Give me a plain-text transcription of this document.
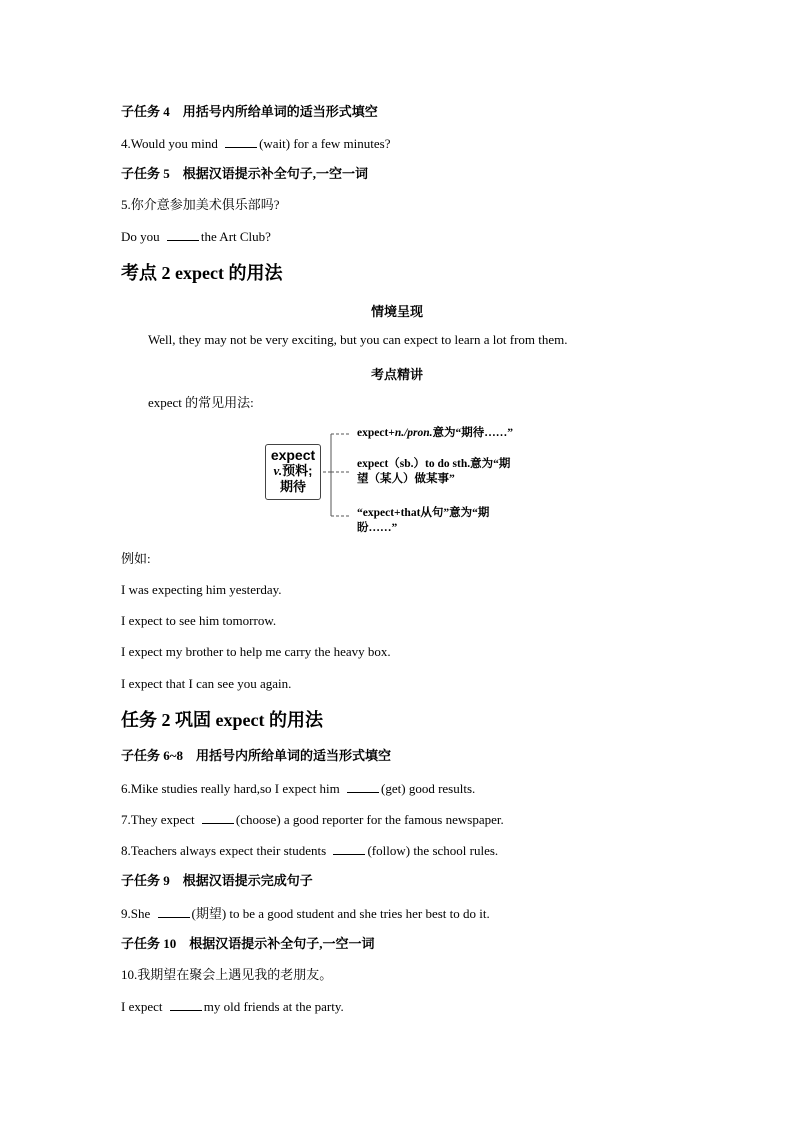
子任务 4　用括号内所给单词的适当形式填空
4.Would you mind	(wait) for a few minutes?
子任务 5　根据汉语提示补全句子,一空一词
5.你介意参加美术俱乐部吗?
Do you	the Art Club?
考点 2 expect 的用法
情境呈现
Well, they may not be very exciting, but you can expect to learn a lot from them.
考点精讲
expect 的常见用法:
expect
v.预料;
期待
expect+n./pron.意为“期待……”
expect（sb.）to do sth.意为“期
望（某人）做某事”
“expect+that从句”意为“期
盼……”
例如:
I was expecting him yesterday.
I expect to see him tomorrow.
I expect my brother to help me carry the heavy box.
I expect that I can see you again.
任务 2 巩固 expect 的用法
子任务 6~8　用括号内所给单词的适当形式填空
6.Mike studies really hard,so I expect him	(get) good results.
7.They expect	(choose) a good reporter for the famous newspaper.
8.Teachers always expect their students	(follow) the school rules.
子任务 9　根据汉语提示完成句子
9.She	(期望) to be a good student and she tries her best to do it.
子任务 10　根据汉语提示补全句子,一空一词
10.我期望在聚会上遇见我的老朋友。
I expect	my old friends at the party.
